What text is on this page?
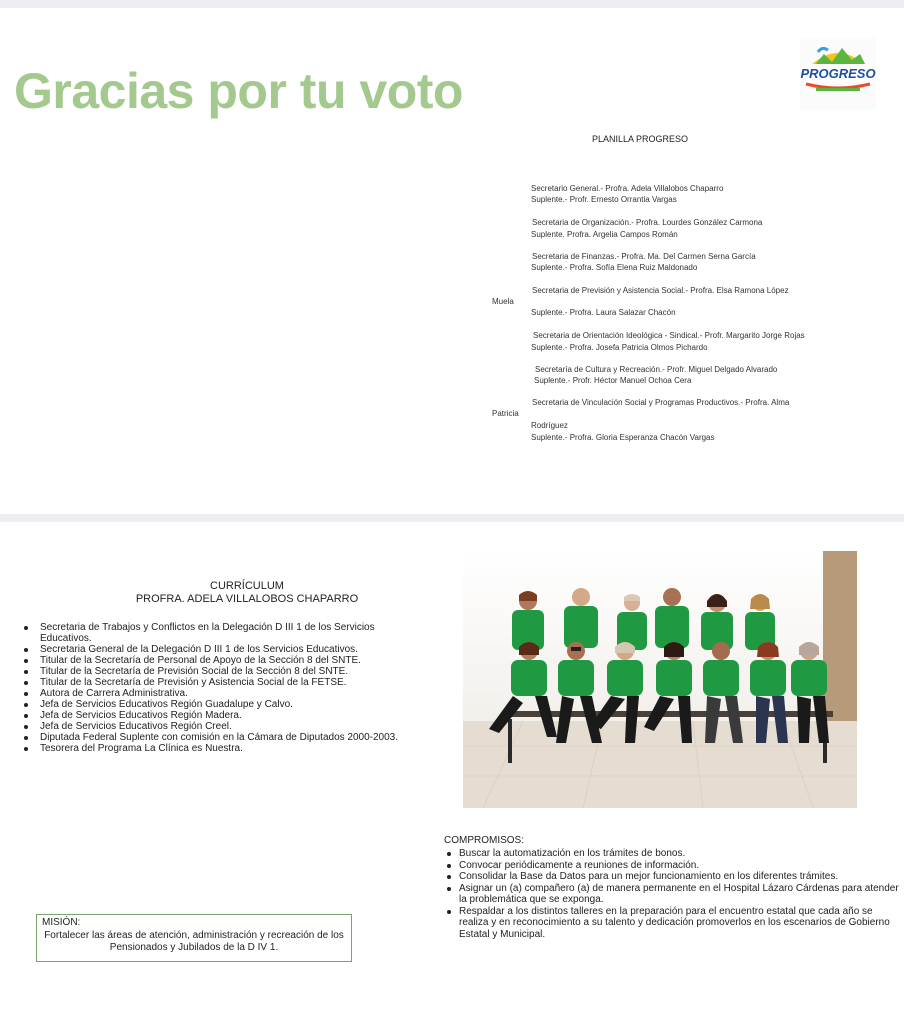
Gracias por tu voto	PROGRESO
PLANILLA PROGRESO
Secretario General.- Profra. Adela Villalobos Chaparro
Suplente.- Profr. Ernesto Orrantia Vargas
Secretaria de Organización.- Profra. Lourdes González Carmona
Suplente. Profra. Argelia Campos Román
Secretaria de Finanzas.- Profra. Ma. Del Carmen Serna García
Suplente.- Profra. Sofía Elena Ruiz Maldonado
Secretaria de Previsión y Asistencia Social.- Profra. Elsa Ramona López
Muela
Suplente.- Profra. Laura Salazar Chacón
Secretaria de Orientación Ideológica - Sindical.- Profr. Margarito Jorge Rojas
Suplente.- Profra. Josefa Patricia Olmos Pichardo
Secretaría de Cultura y Recreación.- Profr. Miguel Delgado Alvarado
Suplente.- Profr. Héctor Manuel Ochoa Cera
Secretaria de Vinculación Social y Programas Productivos.- Profra. Alma
Patricia
Rodríguez
Suplente.- Profra. Gloria Esperanza Chacón Vargas
CURRÍCULUM
PROFRA. ADELA VILLALOBOS CHAPARRO
Secretaria de Trabajos y Conflictos en la Delegación D III 1 de los Servicios Educativos.
Secretaria General de la Delegación D III 1 de los Servicios Educativos.
Titular de la Secretaría de Personal de Apoyo de la Sección 8 del SNTE.
Titular de la Secretaría de Previsión Social de la Sección 8 del SNTE.
Titular de la Secretaría de Previsión y Asistencia Social de la FETSE.
Autora de Carrera Administrativa.
Jefa de Servicios Educativos Región Guadalupe y Calvo.
Jefa de Servicios Educativos Región Madera.
Jefa de Servicios Educativos Región Creel.
Diputada Federal Suplente con comisión en la Cámara de Diputados 2000-2003.
Tesorera del Programa La Clínica es Nuestra.
COMPROMISOS:
Buscar la automatización en los trámites de bonos.
Convocar periódicamente a reuniones de información.
Consolidar la Base da Datos para un mejor funcionamiento en los diferentes trámites.
Asignar un (a) compañero (a) de manera permanente en el Hospital Lázaro Cárdenas para atender la problemática que se exponga.
Respaldar a los distintos talleres en la preparación para el encuentro estatal que cada año se realiza y en reconocimiento a su talento y dedicación promoverlos en los escenarios de Gobierno Estatal y Municipal.
MISIÓN:
Fortalecer las áreas de atención, administración y recreación de los Pensionados y Jubilados de la D IV 1.
